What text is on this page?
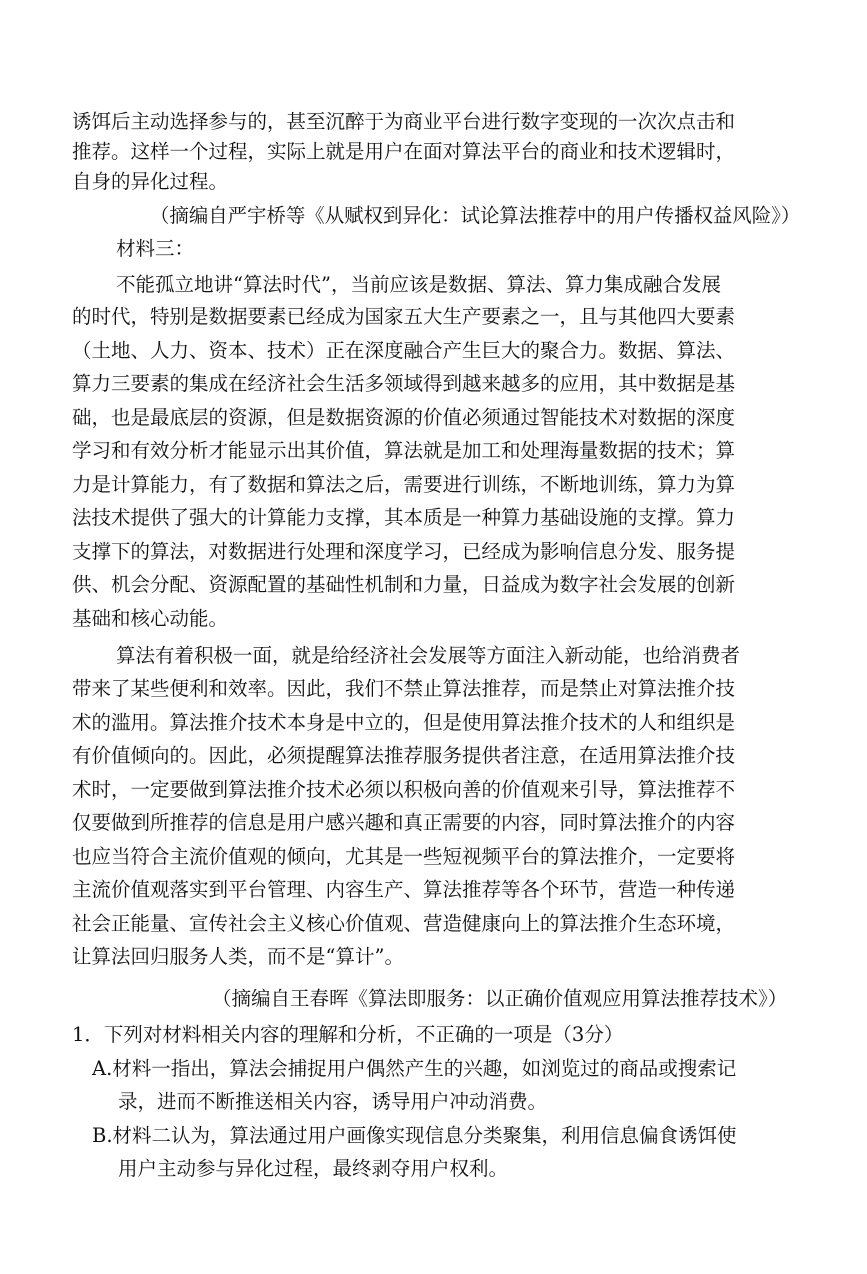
诱饵后主动选择参与的，甚至沉醉于为商业平台进行数字变现的一次次点击和
推荐。这样一个过程，实际上就是用户在面对算法平台的商业和技术逻辑时，
自身的异化过程。
（摘编自严宇桥等《从赋权到异化：试论算法推荐中的用户传播权益风险》）
材料三：
不能孤立地讲“算法时代”，当前应该是数据、算法、算力集成融合发展
的时代，特别是数据要素已经成为国家五大生产要素之一，且与其他四大要素
（土地、人力、资本、技术）正在深度融合产生巨大的聚合力。数据、算法、
算力三要素的集成在经济社会生活多领域得到越来越多的应用，其中数据是基
础，也是最底层的资源，但是数据资源的价值必须通过智能技术对数据的深度
学习和有效分析才能显示出其价值，算法就是加工和处理海量数据的技术；算
力是计算能力，有了数据和算法之后，需要进行训练，不断地训练，算力为算
法技术提供了强大的计算能力支撑，其本质是一种算力基础设施的支撑。算力
支撑下的算法，对数据进行处理和深度学习，已经成为影响信息分发、服务提
供、机会分配、资源配置的基础性机制和力量，日益成为数字社会发展的创新
基础和核心动能。
算法有着积极一面，就是给经济社会发展等方面注入新动能，也给消费者
带来了某些便利和效率。因此，我们不禁止算法推荐，而是禁止对算法推介技
术的滥用。算法推介技术本身是中立的，但是使用算法推介技术的人和组织是
有价值倾向的。因此，必须提醒算法推荐服务提供者注意，在适用算法推介技
术时，一定要做到算法推介技术必须以积极向善的价值观来引导，算法推荐不
仅要做到所推荐的信息是用户感兴趣和真正需要的内容，同时算法推介的内容
也应当符合主流价值观的倾向，尤其是一些短视频平台的算法推介，一定要将
主流价值观落实到平台管理、内容生产、算法推荐等各个环节，营造一种传递
社会正能量、宣传社会主义核心价值观、营造健康向上的算法推介生态环境，
让算法回归服务人类，而不是“算计”。
（摘编自王春晖《算法即服务：以正确价值观应用算法推荐技术》）
1．下列对材料相关内容的理解和分析，不正确的一项是（3分）
A.材料一指出，算法会捕捉用户偶然产生的兴趣，如浏览过的商品或搜索记
录，进而不断推送相关内容，诱导用户冲动消费。
B.材料二认为，算法通过用户画像实现信息分类聚集，利用信息偏食诱饵使
用户主动参与异化过程，最终剥夺用户权利。
